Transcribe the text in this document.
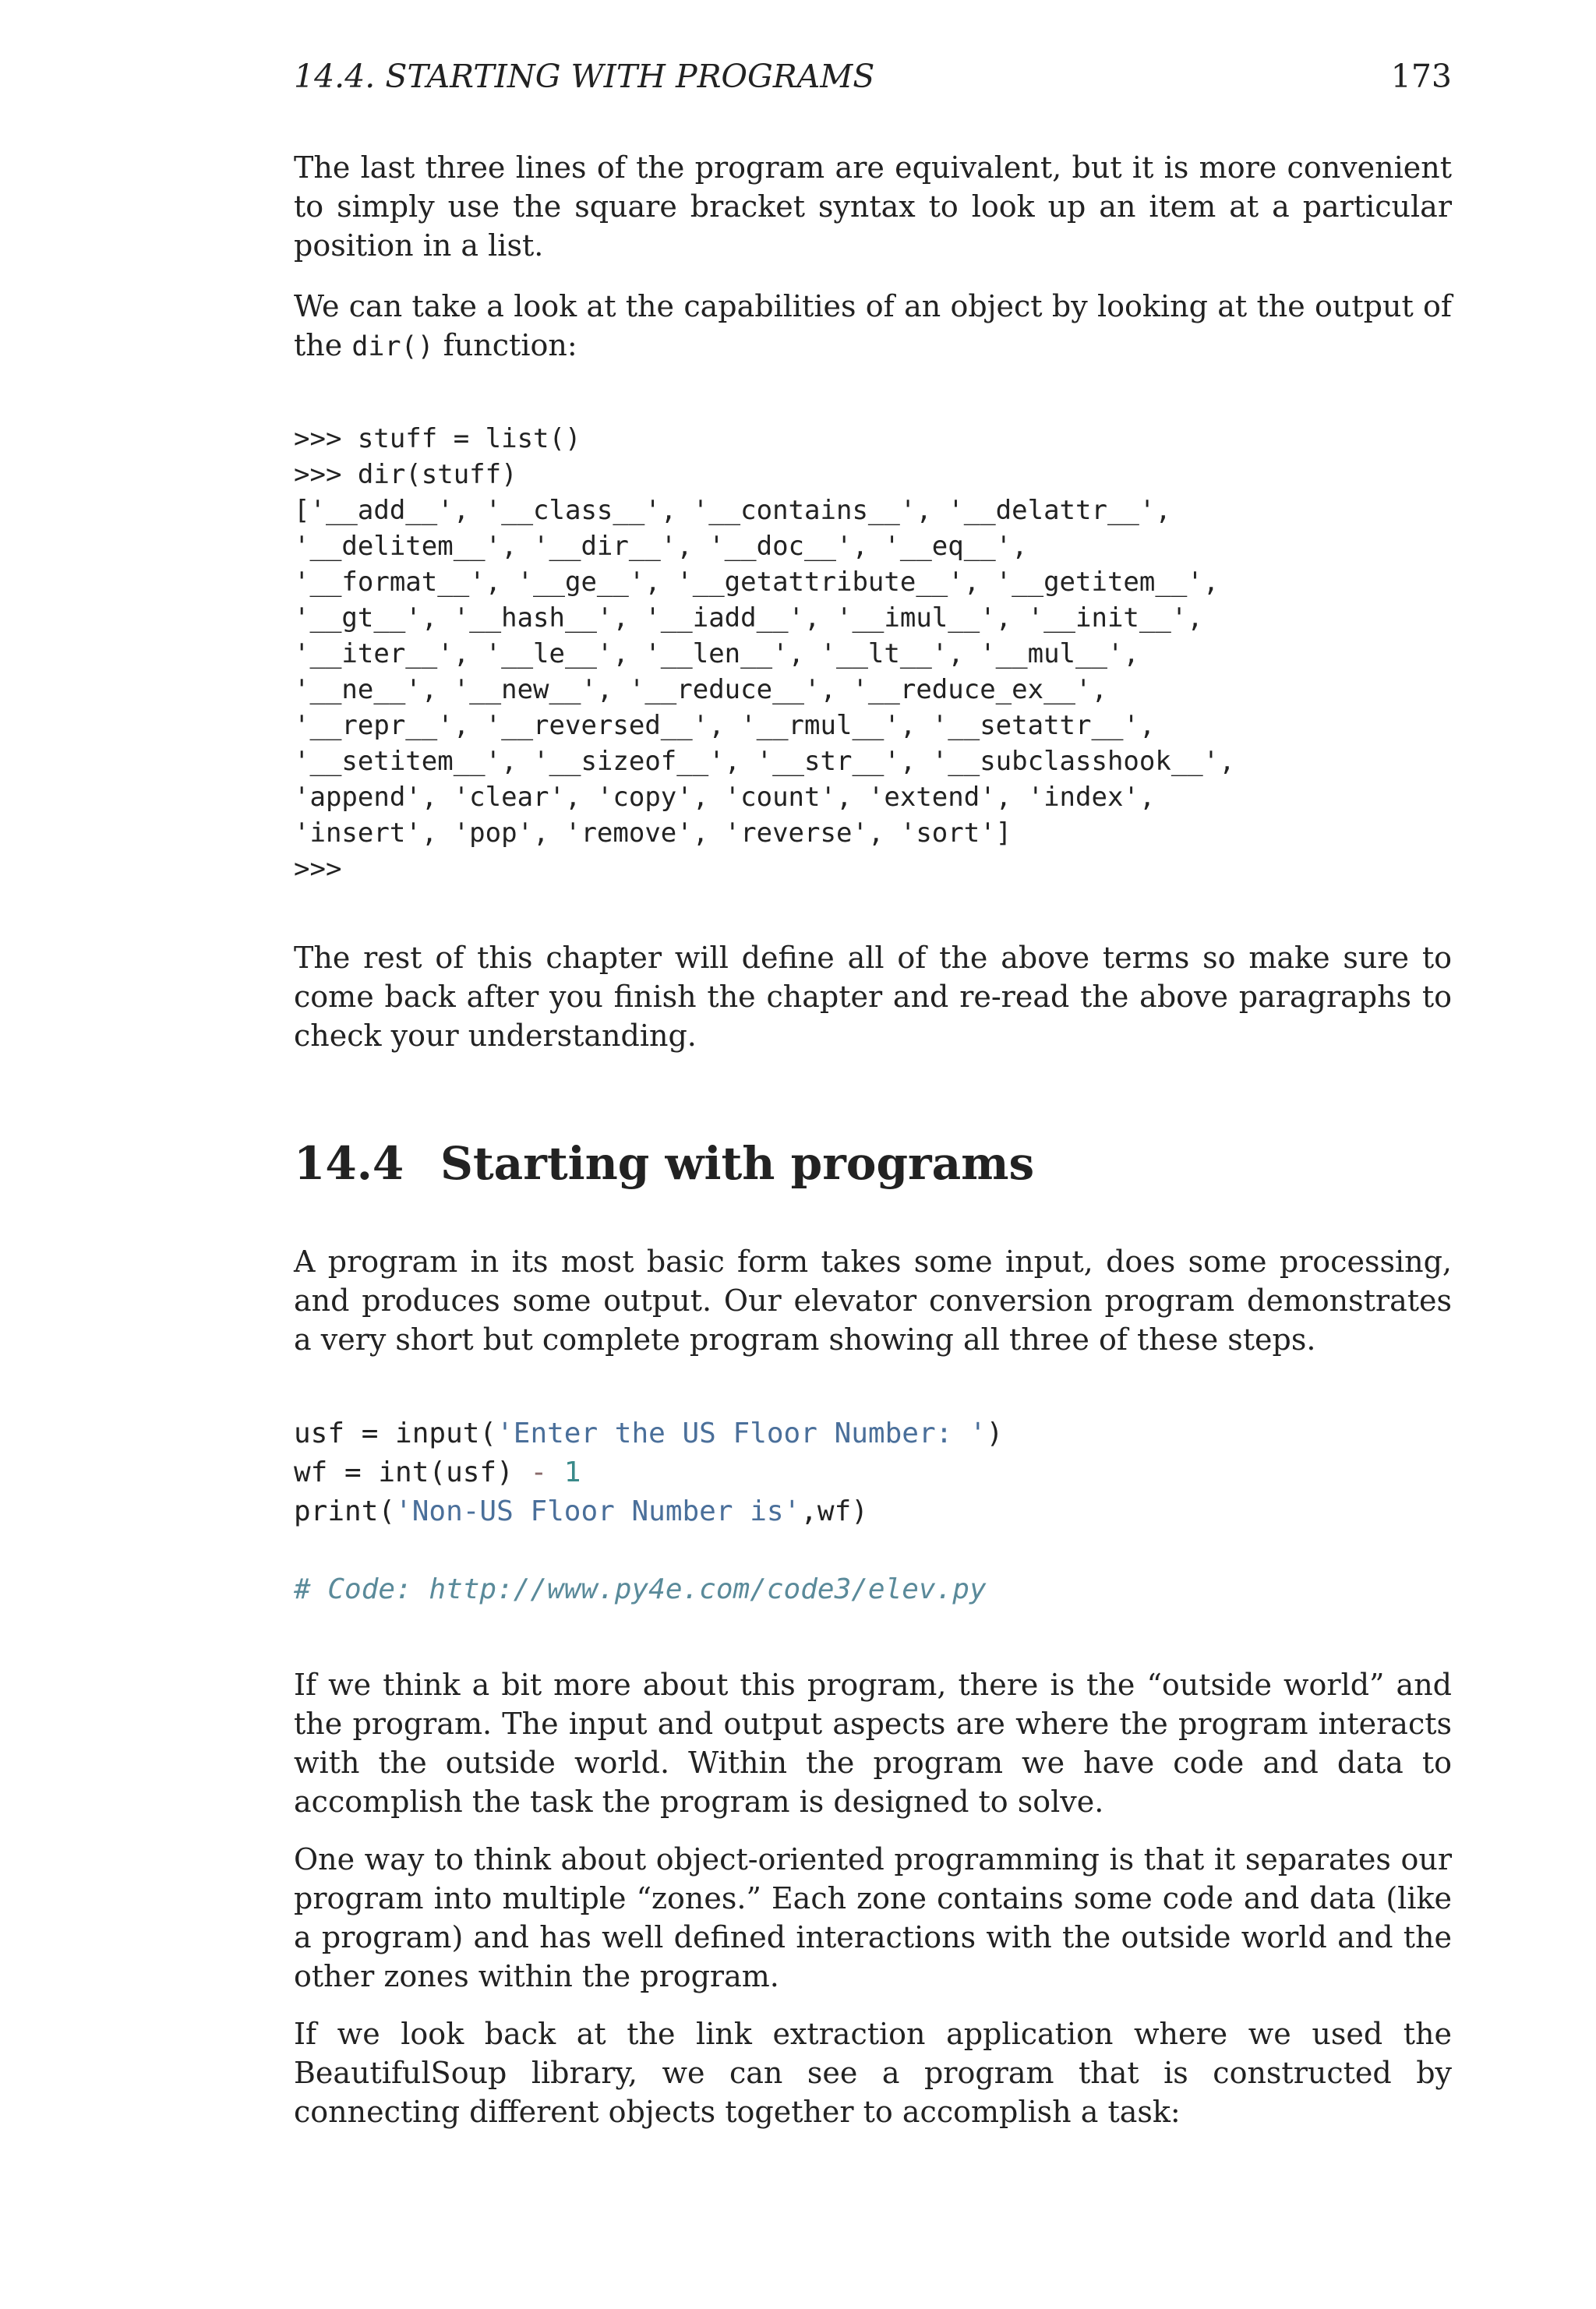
14.4. STARTING WITH PROGRAMS	173

The last three lines of the program are equivalent, but it is more convenient to simply use the square bracket syntax to look up an item at a particular position in a list.

We can take a look at the capabilities of an object by looking at the output of the dir() function:

>>> stuff = list()
>>> dir(stuff)
['__add__', '__class__', '__contains__', '__delattr__',
'__delitem__', '__dir__', '__doc__', '__eq__',
'__format__', '__ge__', '__getattribute__', '__getitem__',
'__gt__', '__hash__', '__iadd__', '__imul__', '__init__',
'__iter__', '__le__', '__len__', '__lt__', '__mul__',
'__ne__', '__new__', '__reduce__', '__reduce_ex__',
'__repr__', '__reversed__', '__rmul__', '__setattr__',
'__setitem__', '__sizeof__', '__str__', '__subclasshook__',
'append', 'clear', 'copy', 'count', 'extend', 'index',
'insert', 'pop', 'remove', 'reverse', 'sort']
>>>

The rest of this chapter will define all of the above terms so make sure to come back after you finish the chapter and re-read the above paragraphs to check your understanding.

14.4 Starting with programs

A program in its most basic form takes some input, does some processing, and produces some output. Our elevator conversion program demonstrates a very short but complete program showing all three of these steps.

usf = input('Enter the US Floor Number: ')
wf = int(usf) - 1
print('Non-US Floor Number is',wf)

# Code: http://www.py4e.com/code3/elev.py

If we think a bit more about this program, there is the “outside world” and the program. The input and output aspects are where the program interacts with the outside world. Within the program we have code and data to accomplish the task the program is designed to solve.

One way to think about object-oriented programming is that it separates our program into multiple “zones.” Each zone contains some code and data (like a program) and has well defined interactions with the outside world and the other zones within the program.

If we look back at the link extraction application where we used the BeautifulSoup library, we can see a program that is constructed by connecting different objects together to accomplish a task:
